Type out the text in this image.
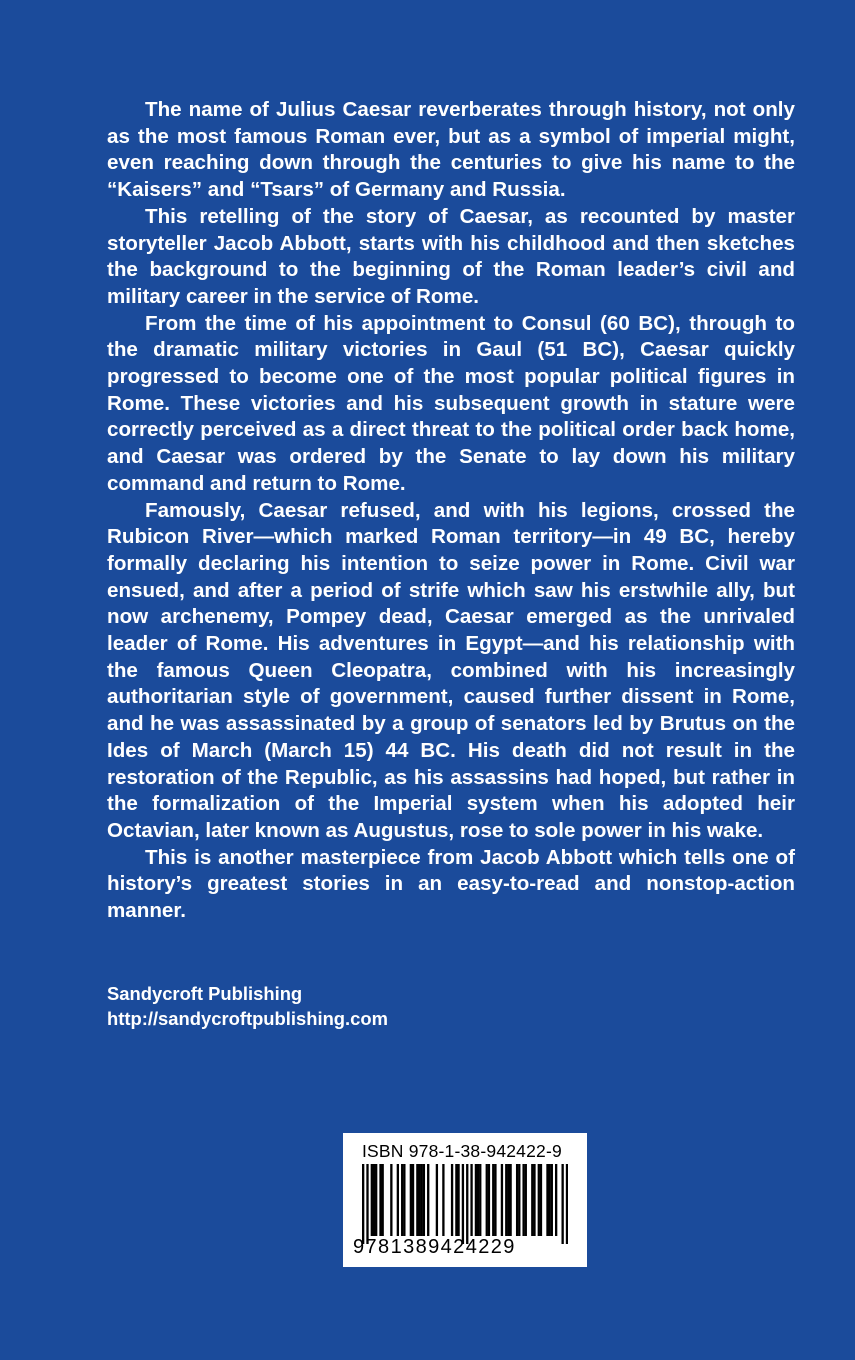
The name of Julius Caesar reverberates through history, not only as the most famous Roman ever, but as a symbol of imperial might, even reaching down through the centuries to give his name to the “Kaisers” and “Tsars” of Germany and Russia.

This retelling of the story of Caesar, as recounted by master storyteller Jacob Abbott, starts with his childhood and then sketches the background to the beginning of the Roman leader’s civil and military career in the service of Rome.

From the time of his appointment to Consul (60 BC), through to the dramatic military victories in Gaul (51 BC), Caesar quickly progressed to become one of the most popular political figures in Rome. These victories and his subsequent growth in stature were correctly perceived as a direct threat to the political order back home, and Caesar was ordered by the Senate to lay down his military command and return to Rome.

Famously, Caesar refused, and with his legions, crossed the Rubicon River—which marked Roman territory—in 49 BC, hereby formally declaring his intention to seize power in Rome. Civil war ensued, and after a period of strife which saw his erstwhile ally, but now archenemy, Pompey dead, Caesar emerged as the unrivaled leader of Rome. His adventures in Egypt—and his relationship with the famous Queen Cleopatra, combined with his increasingly authoritarian style of government, caused further dissent in Rome, and he was assassinated by a group of senators led by Brutus on the Ides of March (March 15) 44 BC. His death did not result in the restoration of the Republic, as his assassins had hoped, but rather in the formalization of the Imperial system when his adopted heir Octavian, later known as Augustus, rose to sole power in his wake.

This is another masterpiece from Jacob Abbott which tells one of history’s greatest stories in an easy-to-read and nonstop-action manner.

Sandycroft Publishing
http://sandycroftpublishing.com
ISBN 978-1-38-942422-9
9781389424229
